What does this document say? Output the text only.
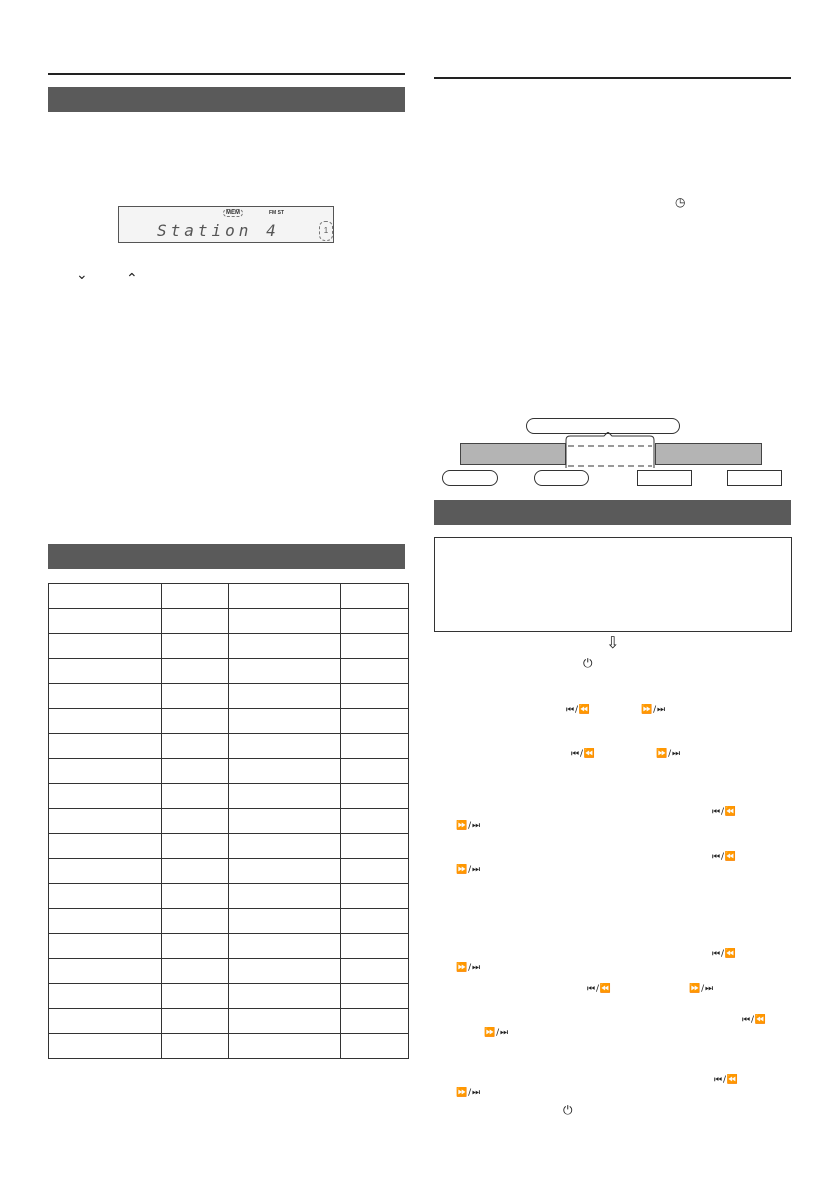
MEM	FM ST
Station 4	1
⌄	⌃

◷
⇩
⏻
⏮ / ⏪	⏩ / ⏭
⏮ / ⏪	⏩ / ⏭
⏮ / ⏪
⏩ / ⏭
⏮ / ⏪
⏩ / ⏭
⏮ / ⏪
⏩ / ⏭
⏮ / ⏪	⏩ / ⏭
⏮ / ⏪
⏩ / ⏭
⏮ / ⏪
⏩ / ⏭
⏻
